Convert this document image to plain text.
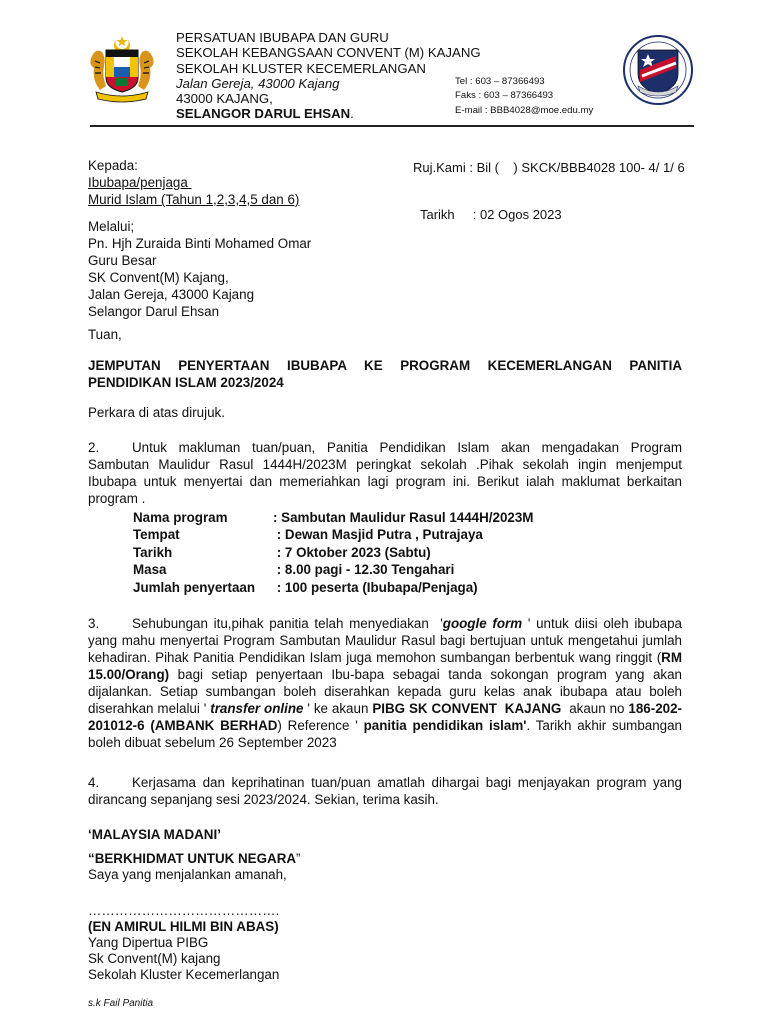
PERSATUAN IBUBAPA DAN GURU
SEKOLAH KEBANGSAAN CONVENT (M) KAJANG
SEKOLAH KLUSTER KECEMERLANGAN
Jalan Gereja, 43000 Kajang
43000 KAJANG,
SELANGOR DARUL EHSAN.
Tel : 603 – 87366493
Faks : 603 – 87366493
E-mail : BBB4028@moe.edu.my

Ruj.Kami : Bil (    ) SKCK/BBB4028 100- 4/ 1/ 6

Tarikh     : 02 Ogos 2023

Kepada:
Ibubapa/penjaga
Murid Islam (Tahun 1,2,3,4,5 dan 6)
Melalui;
Pn. Hjh Zuraida Binti Mohamed Omar
Guru Besar
SK Convent(M) Kajang,
Jalan Gereja, 43000 Kajang
Selangor Darul Ehsan
Tuan,
JEMPUTAN PENYERTAAN IBUBAPA KE PROGRAM KECEMERLANGAN PANITIA PENDIDIKAN ISLAM 2023/2024
Perkara di atas dirujuk.
2. Untuk makluman tuan/puan, Panitia Pendidikan Islam akan mengadakan Program Sambutan Maulidur Rasul 1444H/2023M peringkat sekolah .Pihak sekolah ingin menjemput Ibubapa untuk menyertai dan memeriahkan lagi program ini. Berikut ialah maklumat berkaitan program .
Nama program	: Sambutan Maulidur Rasul 1444H/2023M
Tempat	: Dewan Masjid Putra , Putrajaya
Tarikh	: 7 Oktober 2023 (Sabtu)
Masa	: 8.00 pagi - 12.30 Tengahari
Jumlah penyertaan	: 100 peserta (Ibubapa/Penjaga)
3. Sehubungan itu,pihak panitia telah menyediakan  'google form ' untuk diisi oleh ibubapa yang mahu menyertai Program Sambutan Maulidur Rasul bagi bertujuan untuk mengetahui jumlah kehadiran. Pihak Panitia Pendidikan Islam juga memohon sumbangan berbentuk wang ringgit (RM 15.00/Orang) bagi setiap penyertaan Ibu-bapa sebagai tanda sokongan program yang akan dijalankan. Setiap sumbangan boleh diserahkan kepada guru kelas anak ibubapa atau boleh diserahkan melalui ' transfer online ' ke akaun PIBG SK CONVENT  KAJANG  akaun no 186-202-201012-6 (AMBANK BERHAD) Reference ' panitia pendidikan islam'. Tarikh akhir sumbangan boleh dibuat sebelum 26 September 2023
4. Kerjasama dan keprihatinan tuan/puan amatlah dihargai bagi menjayakan program yang dirancang sepanjang sesi 2023/2024. Sekian, terima kasih.
‘MALAYSIA MADANI’
“BERKHIDMAT UNTUK NEGARA”
Saya yang menjalankan amanah,
…………………………………….
(EN AMIRUL HILMI BIN ABAS)
Yang Dipertua PIBG
Sk Convent(M) kajang
Sekolah Kluster Kecemerlangan
s.k Fail Panitia
